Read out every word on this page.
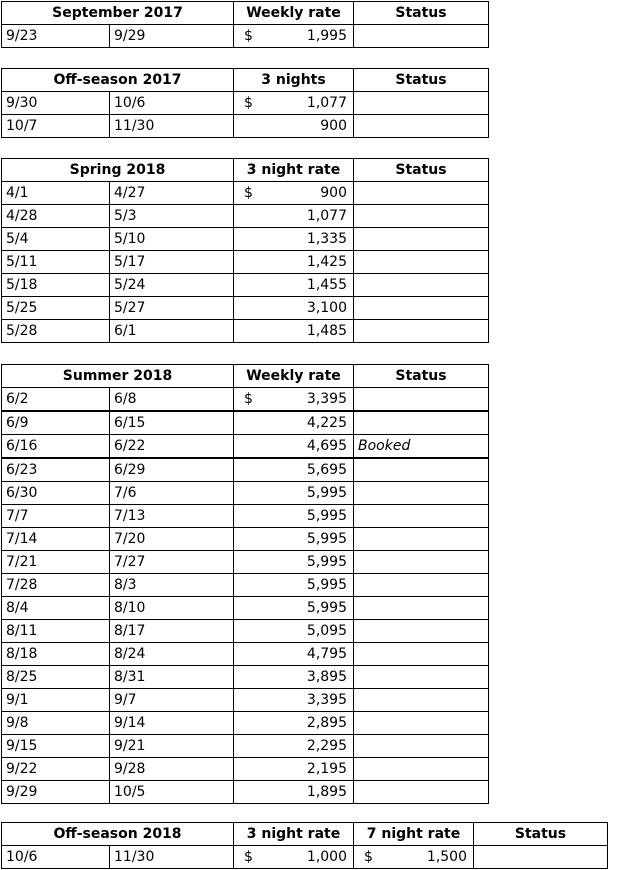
September 2017		Weekly rate	Status
9/23	9/29	$ 1,995	
Off-season 2017		3 nights	Status
9/30	10/6	$ 1,077	
10/7	11/30	900	
Spring 2018		3 night rate	Status
4/1	4/27	$ 900	
4/28	5/3	1,077	
5/4	5/10	1,335	
5/11	5/17	1,425	
5/18	5/24	1,455	
5/25	5/27	3,100	
5/28	6/1	1,485	
Summer 2018		Weekly rate	Status
6/2	6/8	$ 3,395	
6/9	6/15	4,225	
6/16	6/22	4,695	Booked
6/23	6/29	5,695	
6/30	7/6	5,995	
7/7	7/13	5,995	
7/14	7/20	5,995	
7/21	7/27	5,995	
7/28	8/3	5,995	
8/4	8/10	5,995	
8/11	8/17	5,095	
8/18	8/24	4,795	
8/25	8/31	3,895	
9/1	9/7	3,395	
9/8	9/14	2,895	
9/15	9/21	2,295	
9/22	9/28	2,195	
9/29	10/5	1,895	
Off-season 2018		3 night rate	7 night rate	Status
10/6	11/30	$ 1,000	$ 1,500	
